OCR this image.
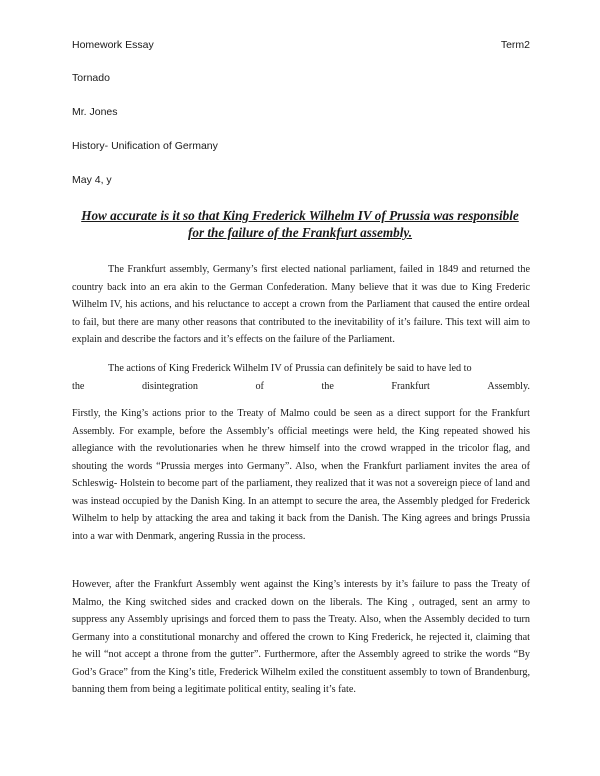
Homework Essay	Term2
Tornado
Mr. Jones
History- Unification of Germany
May 4, y
How accurate is it so that King Frederick Wilhelm IV of Prussia was responsible
for the failure of the Frankfurt assembly.

The Frankfurt assembly, Germany’s first elected national parliament, failed in 1849 and returned the country back into an era akin to the German Confederation. Many believe that it was due to King Frederic Wilhelm IV, his actions, and his reluctance to accept a crown from the Parliament that caused the entire ordeal to fail, but there are many other reasons that contributed to the inevitability of it’s failure. This text will aim to explain and describe the factors and it’s effects on the failure of the Parliament.

The actions of King Frederick Wilhelm IV of Prussia can definitely be said to have led to
the	disintegration	of	the	Frankfurt	Assembly.

Firstly, the King’s actions prior to the Treaty of Malmo could be seen as a direct support for the Frankfurt Assembly. For example, before the Assembly’s official meetings were held, the King repeated showed his allegiance with the revolutionaries when he threw himself into the crowd wrapped in the tricolor flag, and shouting the words “Prussia merges into Germany”. Also, when the Frankfurt parliament invites the area of Schleswig- Holstein to become part of the parliament, they realized that it was not a sovereign piece of land and was instead occupied by the Danish King. In an attempt to secure the area, the Assembly pledged for Frederick Wilhelm to help by attacking the area and taking it back from the Danish. The King agrees and brings Prussia into a war with Denmark, angering Russia in the process.

However, after the Frankfurt Assembly went against the King’s interests by it’s failure to pass the Treaty of Malmo, the King switched sides and cracked down on the liberals. The King , outraged, sent an army to suppress any Assembly uprisings and forced them to pass the Treaty. Also, when the Assembly decided to turn Germany into a constitutional monarchy and offered the crown to King Frederick, he rejected it, claiming that he will “not accept a throne from the gutter”. Furthermore, after the Assembly agreed to strike the words “By God’s Grace” from the King’s title, Frederick Wilhelm exiled the constituent assembly to town of Brandenburg, banning them from being a legitimate political entity, sealing it’s fate.
